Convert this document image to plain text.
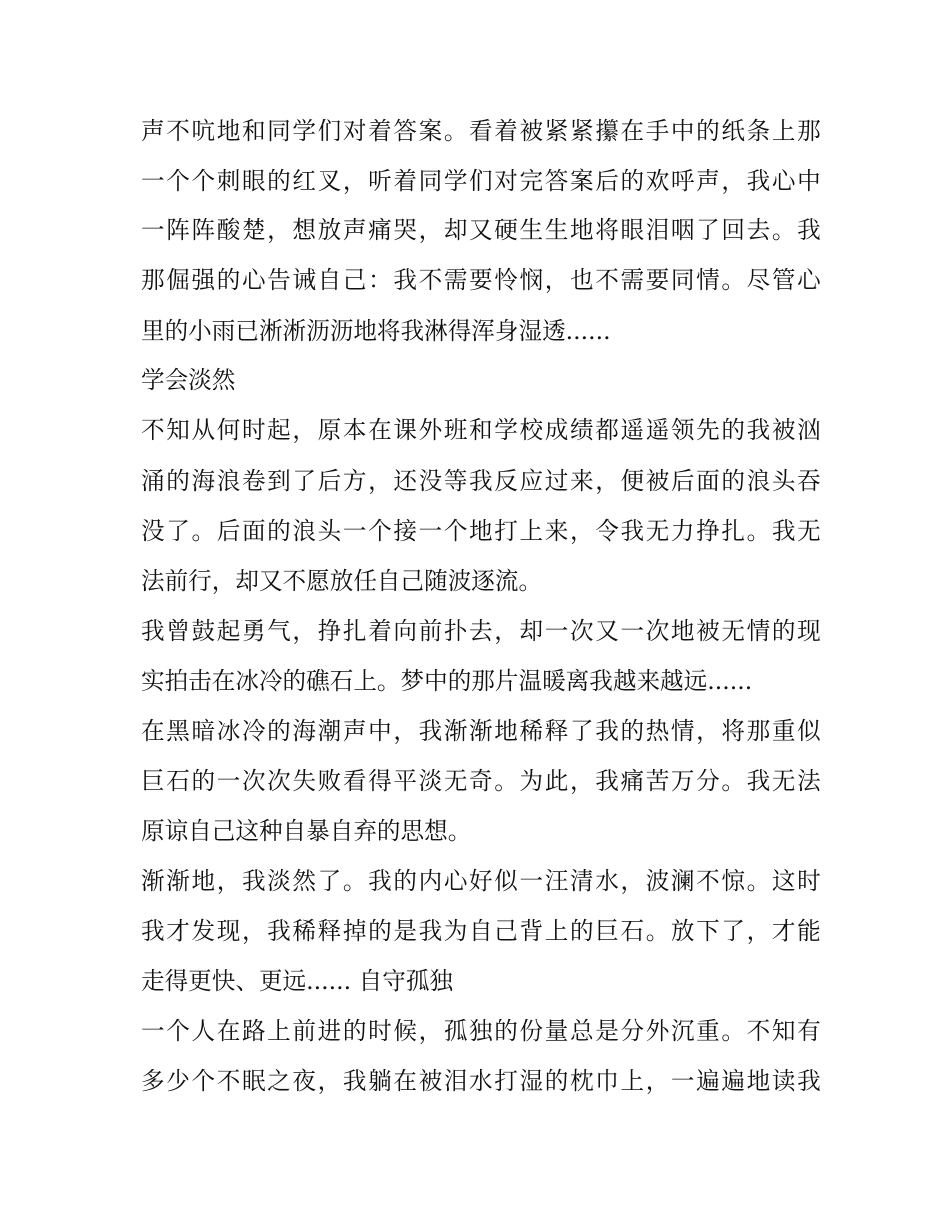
声 不 吭 地 和 同 学 们 对 着 答 案 。 看 着 被 紧 紧 攥 在 手 中 的 纸 条 上 那
一 个 个 刺 眼 的 红 叉 ， 听 着 同 学 们 对 完 答 案 后 的 欢 呼 声 ， 我 心 中
一 阵 阵 酸 楚 ， 想 放 声 痛 哭 ， 却 又 硬 生 生 地 将 眼 泪 咽 了 回 去 。 我
那 倔 强 的 心 告 诫 自 己 ： 我 不 需 要 怜 悯 ， 也 不 需 要 同 情 。 尽 管 心
里的小雨已淅淅沥沥地将我淋得浑身湿透......
学会淡然
不 知 从 何 时 起 ， 原 本 在 课 外 班 和 学 校 成 绩 都 遥 遥 领 先 的 我 被 汹
涌 的 海 浪 卷 到 了 后 方 ， 还 没 等 我 反 应 过 来 ， 便 被 后 面 的 浪 头 吞
没 了 。 后 面 的 浪 头 一 个 接 一 个 地 打 上 来 ， 令 我 无 力 挣 扎 。 我 无
法前行，却又不愿放任自己随波逐流。
我 曾 鼓 起 勇 气 ， 挣 扎 着 向 前 扑 去 ， 却 一 次 又 一 次 地 被 无 情 的 现
实拍击在冰冷的礁石上。梦中的那片温暖离我越来越远......
在 黑 暗 冰 冷 的 海 潮 声 中 ， 我 渐 渐 地 稀 释 了 我 的 热 情 ， 将 那 重 似
巨 石 的 一 次 次 失 败 看 得 平 淡 无 奇 。 为 此 ， 我 痛 苦 万 分 。 我 无 法
原谅自己这种自暴自弃的思想。
渐 渐 地 ， 我 淡 然 了 。 我 的 内 心 好 似 一 汪 清 水 ， 波 澜 不 惊 。 这 时
我 才 发 现 ， 我 稀 释 掉 的 是 我 为 自 己 背 上 的 巨 石 。 放 下 了 ， 才 能
走得更快、更远...... 自守孤独
一 个 人 在 路 上 前 进 的 时 候 ， 孤 独 的 份 量 总 是 分 外 沉 重 。 不 知 有
多 少 个 不 眠 之 夜 ， 我 躺 在 被 泪 水 打 湿 的 枕 巾 上 ， 一 遍 遍 地 读 我
